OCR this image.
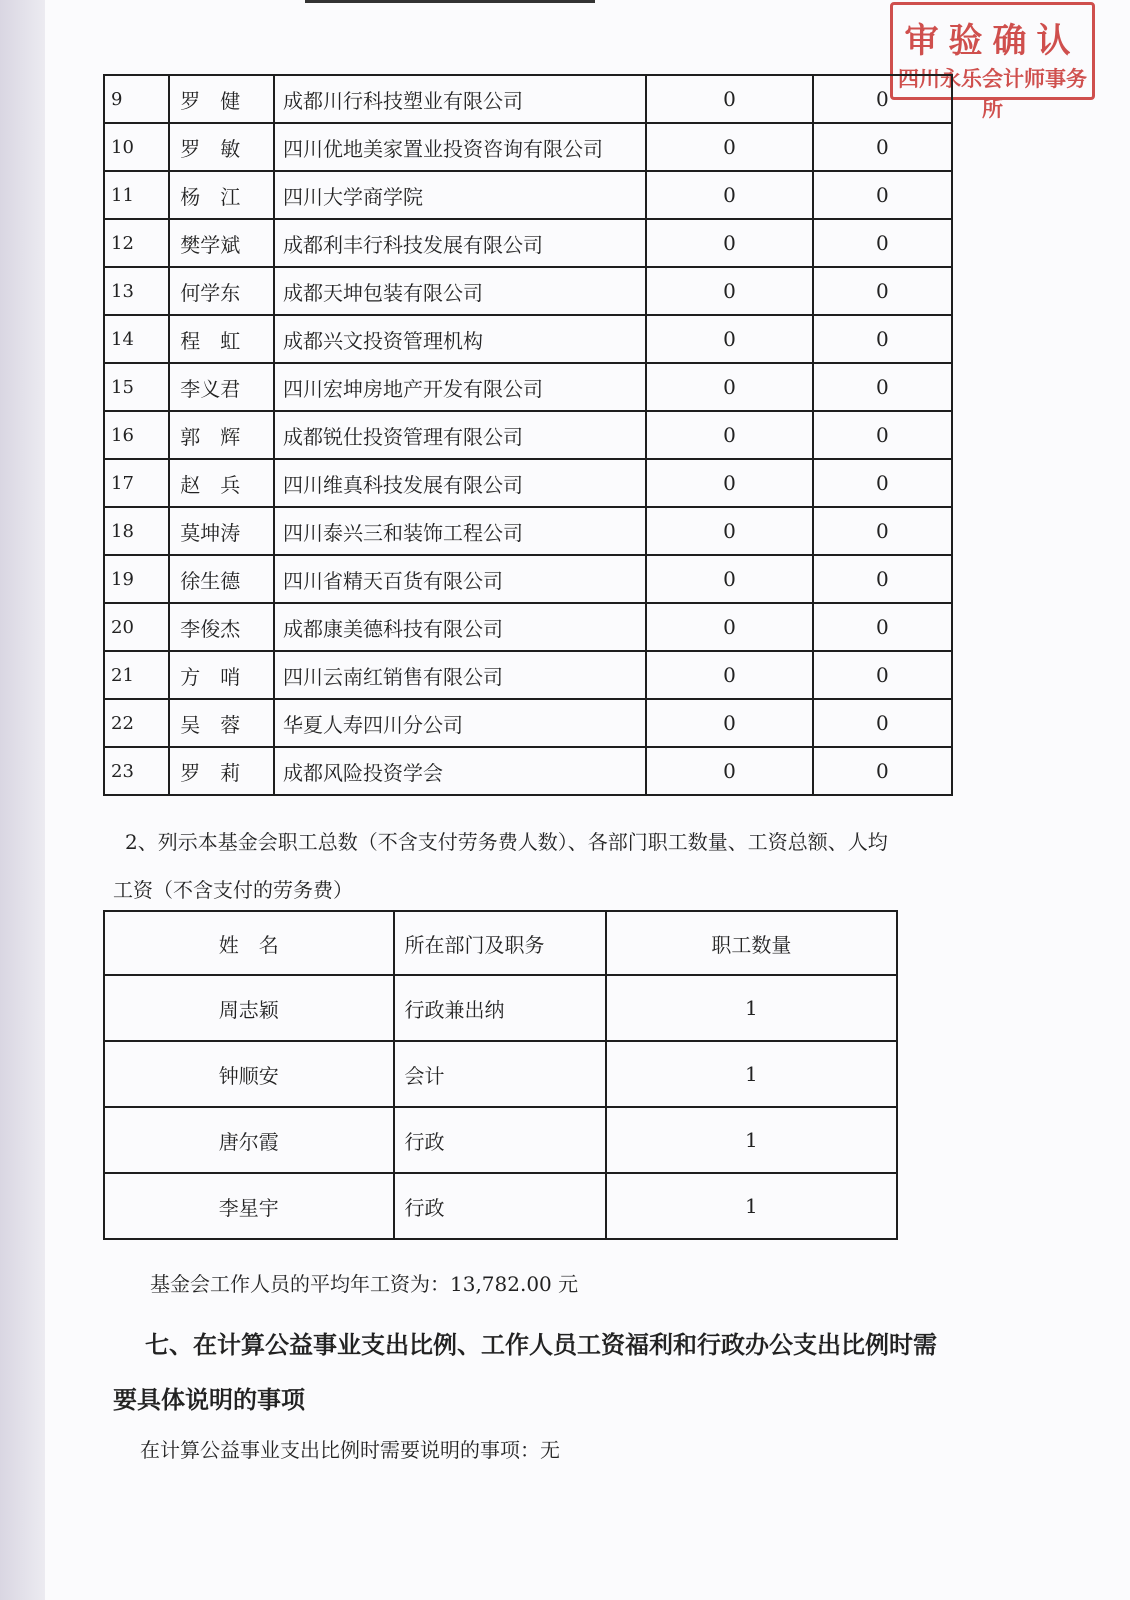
审验确认
四川永乐会计师事务所
9	罗　健	成都川行科技塑业有限公司	0	0
10	罗　敏	四川优地美家置业投资咨询有限公司	0	0
11	杨　江	四川大学商学院	0	0
12	樊学斌	成都利丰行科技发展有限公司	0	0
13	何学东	成都天坤包装有限公司	0	0
14	程　虹	成都兴文投资管理机构	0	0
15	李义君	四川宏坤房地产开发有限公司	0	0
16	郭　辉	成都锐仕投资管理有限公司	0	0
17	赵　兵	四川维真科技发展有限公司	0	0
18	莫坤涛	四川泰兴三和装饰工程公司	0	0
19	徐生德	四川省精天百货有限公司	0	0
20	李俊杰	成都康美德科技有限公司	0	0
21	方　哨	四川云南红销售有限公司	0	0
22	吴　蓉	华夏人寿四川分公司	0	0
23	罗　莉	成都风险投资学会	0	0
2、列示本基金会职工总数（不含支付劳务费人数）、各部门职工数量、工资总额、人均
工资（不含支付的劳务费）
姓　名	所在部门及职务	职工数量
周志颖	行政兼出纳	1
钟顺安	会计	1
唐尔霞	行政	1
李星宇	行政	1
基金会工作人员的平均年工资为：13,782.00 元
七、在计算公益事业支出比例、工作人员工资福利和行政办公支出比例时需
要具体说明的事项
在计算公益事业支出比例时需要说明的事项：无
